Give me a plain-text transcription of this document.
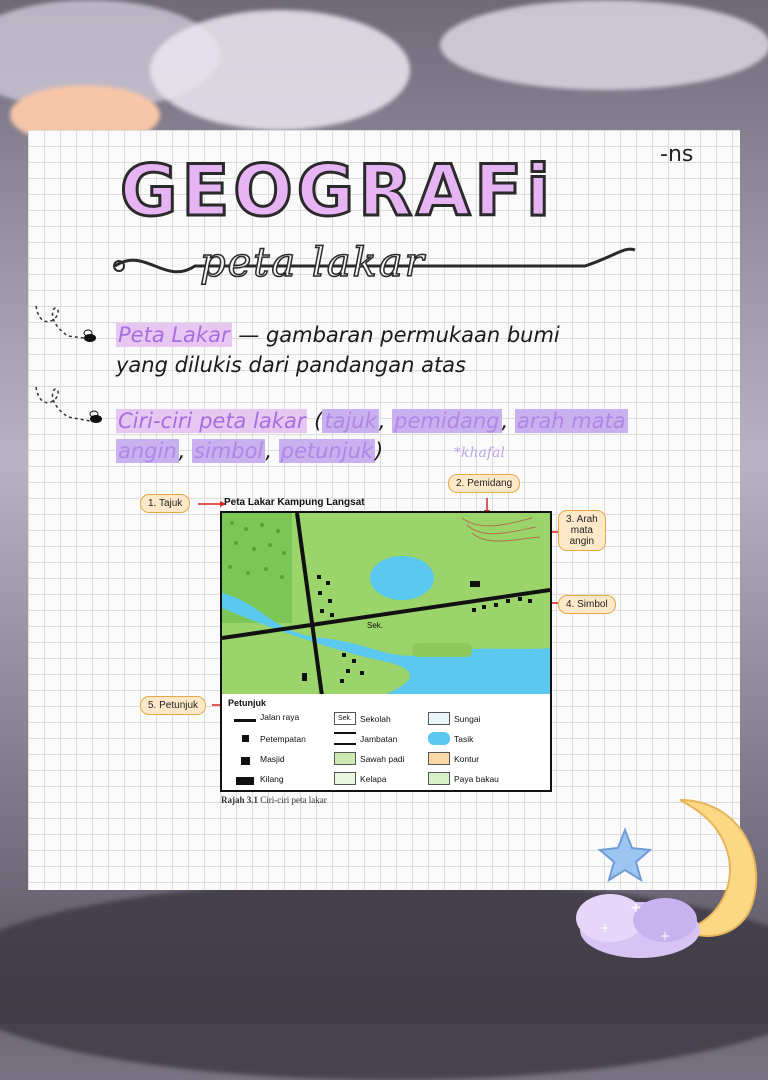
GEOGRAFi	-ns
peta lakar
Peta Lakar — gambaran permukaan bumi
yang dilukis dari pandangan atas
Ciri-ciri peta lakar (tajuk, pemidang, arah mata
angin, simbol, petunjuk)	*khafal
1. Tajuk
2. Pemidang
3. Arah
mata
angin
4. Simbol
5. Petunjuk
Peta Lakar Kampung Langsat
Sek.
Petunjuk
Jalan raya	Sek. Sekolah	Sungai
Petempatan	Jambatan	Tasik
Masjid	Sawah padi	Kontur
Kilang	Kelapa	Paya bakau
Rajah 3.1 Ciri-ciri peta lakar
+
+
+
